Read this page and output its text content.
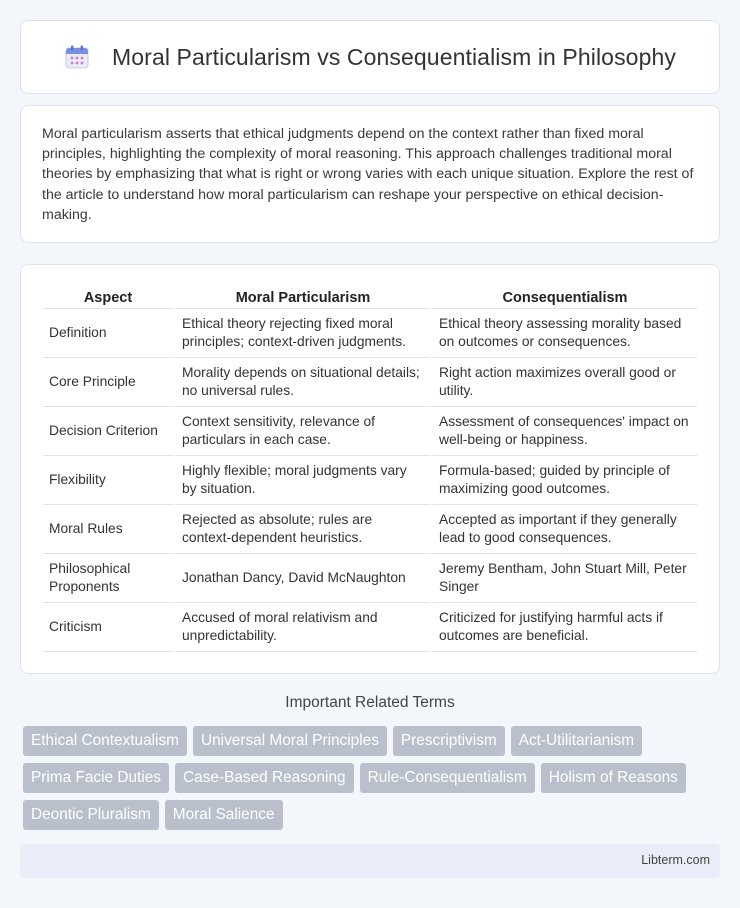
Moral Particularism vs Consequentialism in Philosophy

Moral particularism asserts that ethical judgments depend on the context rather than fixed moral principles, highlighting the complexity of moral reasoning. This approach challenges traditional moral theories by emphasizing that what is right or wrong varies with each unique situation. Explore the rest of the article to understand how moral particularism can reshape your perspective on ethical decision-making.

Aspect	Moral Particularism	Consequentialism
Definition	Ethical theory rejecting fixed moral principles; context-driven judgments.	Ethical theory assessing morality based on outcomes or consequences.
Core Principle	Morality depends on situational details; no universal rules.	Right action maximizes overall good or utility.
Decision Criterion	Context sensitivity, relevance of particulars in each case.	Assessment of consequences' impact on well-being or happiness.
Flexibility	Highly flexible; moral judgments vary by situation.	Formula-based; guided by principle of maximizing good outcomes.
Moral Rules	Rejected as absolute; rules are context-dependent heuristics.	Accepted as important if they generally lead to good consequences.
Philosophical Proponents	Jonathan Dancy, David McNaughton	Jeremy Bentham, John Stuart Mill, Peter Singer
Criticism	Accused of moral relativism and unpredictability.	Criticized for justifying harmful acts if outcomes are beneficial.
Important Related Terms
Ethical Contextualism	Universal Moral Principles	Prescriptivism	Act-Utilitarianism
Prima Facie Duties	Case-Based Reasoning	Rule-Consequentialism	Holism of Reasons
Deontic Pluralism	Moral Salience
Libterm.com
